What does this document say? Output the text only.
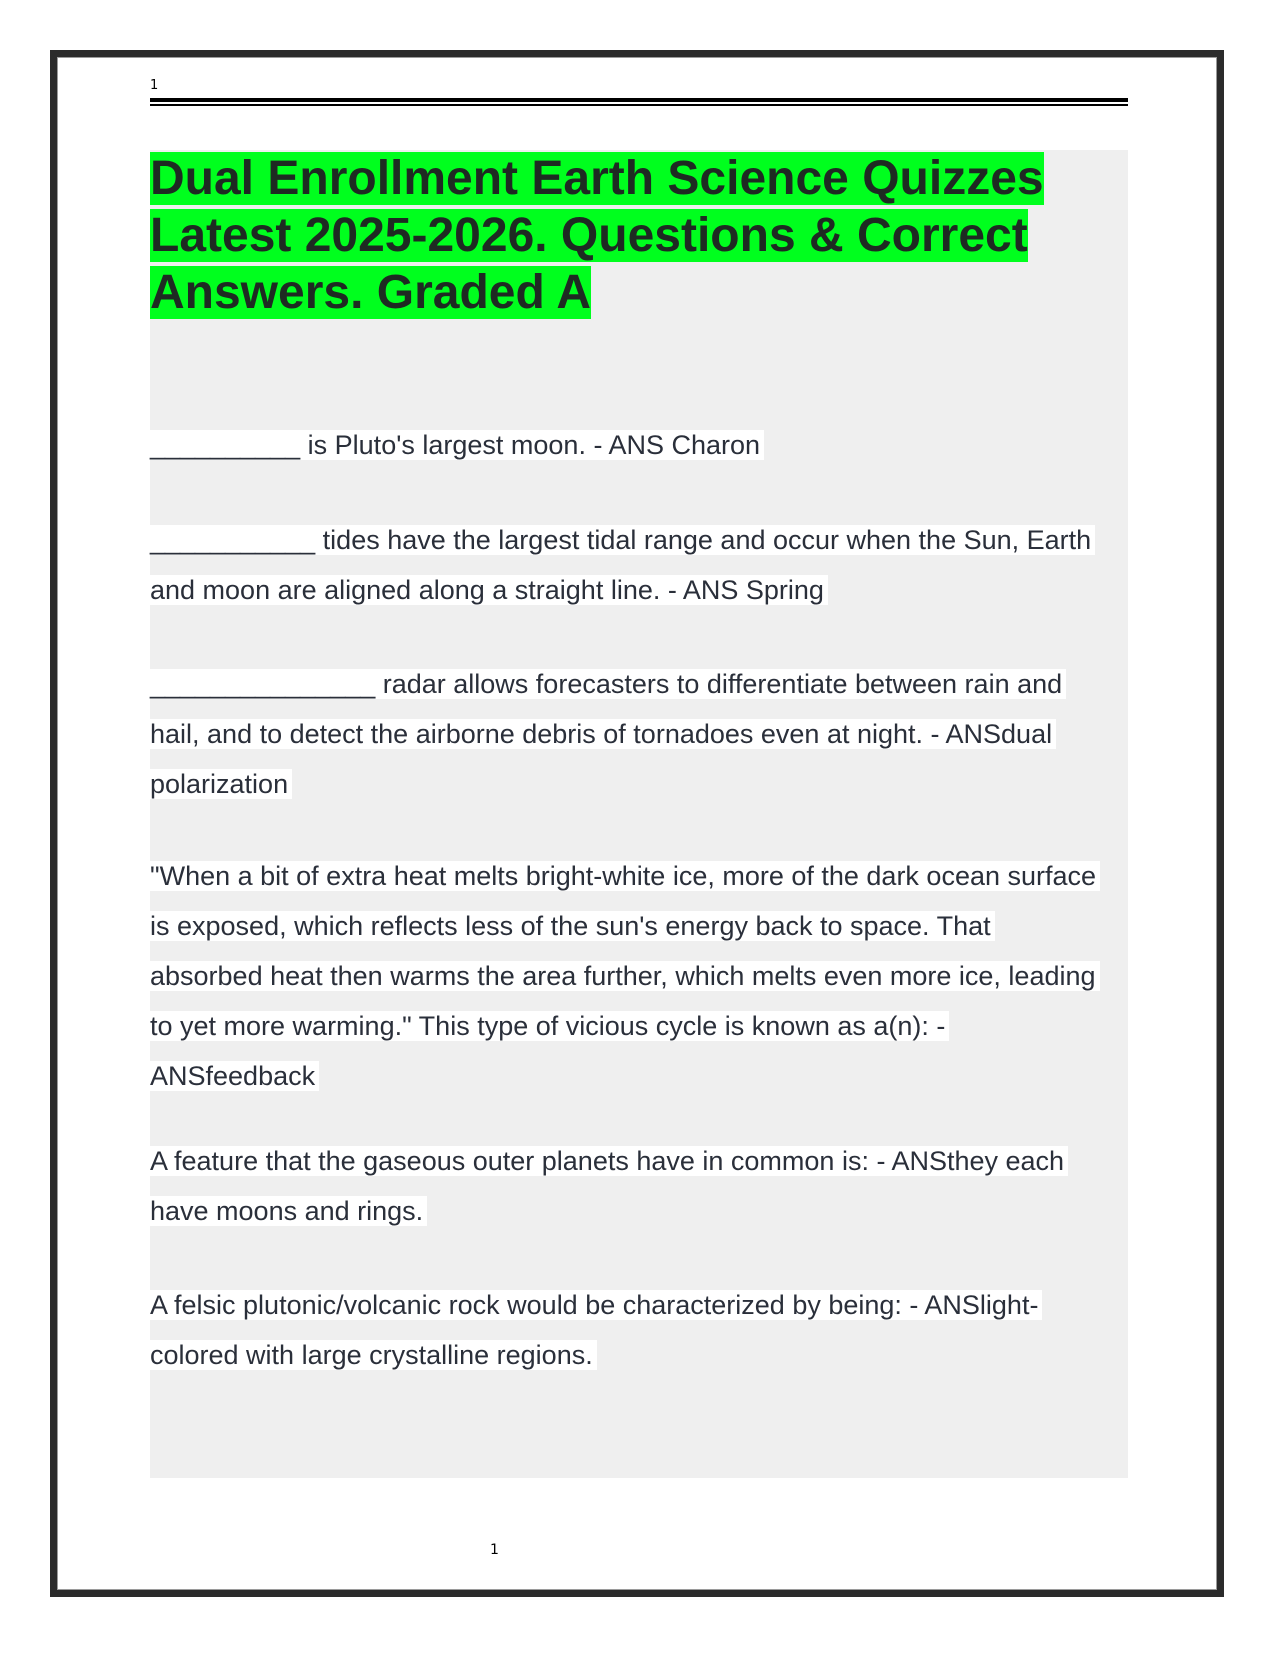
1
Dual Enrollment Earth Science Quizzes Latest 2025-2026. Questions & Correct Answers. Graded A

__________ is Pluto's largest moon. - ANS Charon

___________ tides have the largest tidal range and occur when the Sun, Earth and moon are aligned along a straight line. - ANS Spring

_______________ radar allows forecasters to differentiate between rain and hail, and to detect the airborne debris of tornadoes even at night. - ANSdual polarization

"When a bit of extra heat melts bright-white ice, more of the dark ocean surface is exposed, which reflects less of the sun's energy back to space. That absorbed heat then warms the area further, which melts even more ice, leading to yet more warming." This type of vicious cycle is known as a(n): - ANSfeedback

A feature that the gaseous outer planets have in common is: - ANSthey each have moons and rings.

A felsic plutonic/volcanic rock would be characterized by being: - ANSlight-colored with large crystalline regions.

1
